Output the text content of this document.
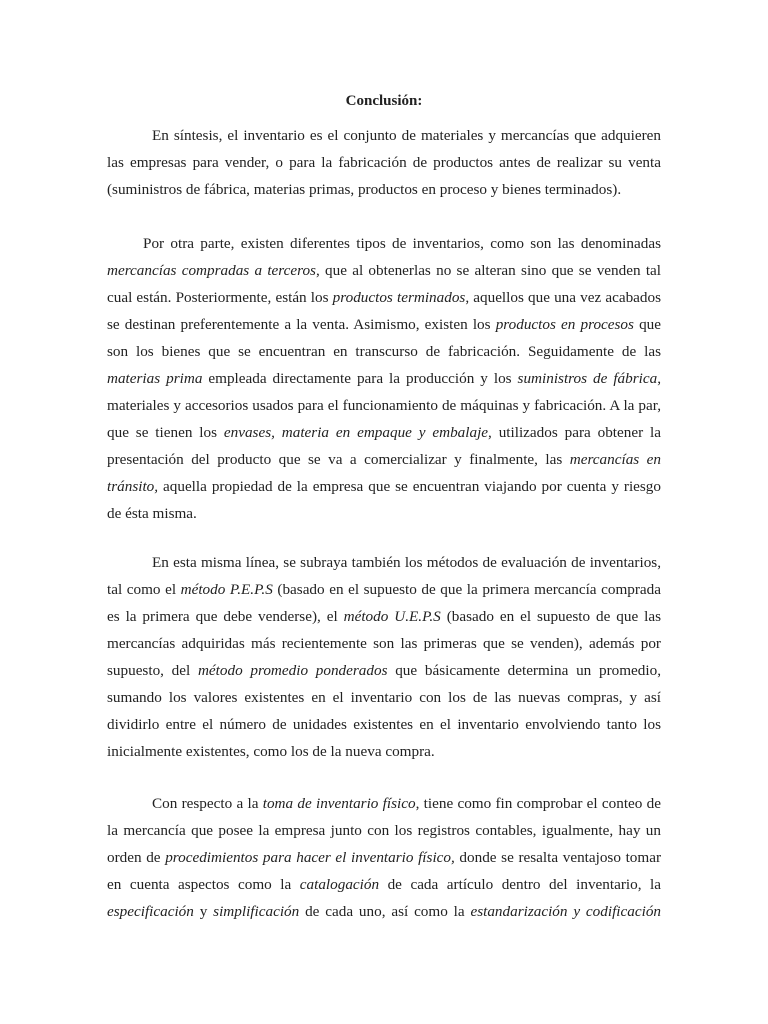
Conclusión:
En síntesis, el inventario es el conjunto de materiales y mercancías que adquieren
las empresas para vender, o para la fabricación de productos antes de realizar su venta
(suministros de fábrica, materias primas, productos en proceso y bienes terminados).
Por otra parte, existen diferentes tipos de inventarios, como son las denominadas
mercancías compradas a terceros, que al obtenerlas no se alteran sino que se venden tal
cual están. Posteriormente, están los productos terminados, aquellos que una vez acabados
se destinan preferentemente a la venta. Asimismo, existen los productos en procesos que
son los bienes que se encuentran en transcurso de fabricación. Seguidamente de las
materias prima empleada directamente para la producción y los suministros de fábrica,
materiales y accesorios usados para el funcionamiento de máquinas y fabricación. A la par,
que se tienen los envases, materia en empaque y embalaje, utilizados para obtener la
presentación del producto que se va a comercializar y finalmente, las mercancías en
tránsito, aquella propiedad de la empresa que se encuentran viajando por cuenta y riesgo
de ésta misma.
En esta misma línea, se subraya también los métodos de evaluación de inventarios,
tal como el método P.E.P.S (basado en el supuesto de que la primera mercancía comprada
es la primera que debe venderse), el método U.E.P.S (basado en el supuesto de que las
mercancías adquiridas más recientemente son las primeras que se venden), además por
supuesto, del método promedio ponderados que básicamente determina un promedio,
sumando los valores existentes en el inventario con los de las nuevas compras, y así
dividirlo entre el número de unidades existentes en el inventario envolviendo tanto los
inicialmente existentes, como los de la nueva compra.
Con respecto a la toma de inventario físico, tiene como fin comprobar el conteo de
la mercancía que posee la empresa junto con los registros contables, igualmente, hay un
orden de procedimientos para hacer el inventario físico, donde se resalta ventajoso tomar
en cuenta aspectos como la catalogación de cada artículo dentro del inventario, la
especificación y simplificación de cada uno, así como la estandarización y codificación
